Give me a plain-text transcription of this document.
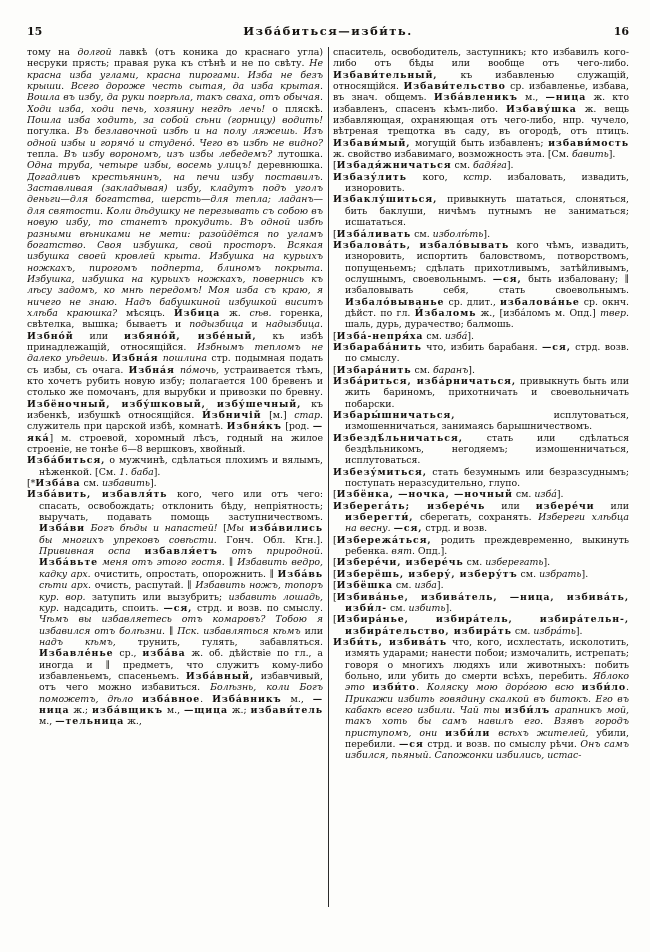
15	Изба́биться—изби́ть.	16

тому на долгой лавкѣ (отъ коника до краснаго угла) несруки прясть; правая рука къ стѣнѣ и не по свѣту. Не красна изба углами, красна пирогами. Изба не безъ крыши. Всего дороже честь сытая, да изба крытая. Вошла въ избу, да руки погрѣла, такъ сваха, отъ обычая. Ходи изба, ходи печь, хозяину негдѣ лечь! о пляскѣ. Пошла изба ходить, за собой сѣни (горницу) водить! погулка. Въ безлавочной избѣ и на полу ляжешь. Изъ одной избы и горячо́ и студено́. Чего въ избѣ не видно? тепла. Въ избу ворономъ, изъ избы лебедемъ? лутошка. Одна труба, четыре избы, восемь улицъ! деревнюшка. Догадливъ крестьянинъ, на печи избу поставилъ. Заставливая (закладывая) избу, кладутъ подъ уголъ деньги—для богатства, шерсть—для тепла; ладанъ—для святости. Коли дѣдушку не перезывать съ собою въ новую избу, то станетъ прокудить. Въ одной избѣ разными вѣниками не мети: разойдётся по угламъ богатство. Своя избушка, свой просторъ. Всякая избушка своей кровлей крыта. Избушка на курьихъ ножкахъ, пирогомъ подперта, блиномъ покрыта. Избушка, избушка на курьихъ ножкахъ, повернись къ лѣсу задомъ, ко мнѣ передомъ! Моя изба съ краю, я ничего не знаю. Надъ бабушкиной избушкой виситъ хлѣба краюшка? мѣсяцъ. И́збица ж. сѣв. горенка, свѣтелка, вышка; бываетъ и подызбица и надызбица. Избно́й или избяно́й, избе́ный, къ избѣ принадлежащій, относящійся. Избнымъ тепломъ не далеко уѣдешь. Избна́я пошлина стр. подымная подать съ избы, съ очага. Избна́я по́мочь, устраивается тѣмъ, кто хочетъ рубить новую избу; полагается 100 бревенъ и столько же помочанъ, для вырубки и привозки по бревну. Избёночный, избу́шковый, избу́шечный, къ избенкѣ, избушкѣ относящійся. И́збничій [м.] стар. служитель при царской избѣ, комнатѣ. Избня́къ [род. —яка́] м. строевой, хоромный лѣсъ, годный на жилое строеніе, не тонѣе 6—8 вершковъ, хвойный.

Изба́биться, о мужчинѣ, сдѣлаться плохимъ и вялымъ, нѣженкой. [См. 1. баба].

[*Изба́ва см. избавить].

Изба́вить, избавля́ть кого, чего или отъ чего: спасать, освобождать; отклонить бѣду, непріятность; выручать, подавать помощь заступничествомъ. Изба́ви Богъ бѣды и напастей! [Мы изба́вились бы многихъ упрековъ совѣсти. Гонч. Обл. Кгн.]. Прививная оспа избавля́етъ отъ природной. Изба́вьте меня отъ этого гостя. ∥ Избавить ведро, кадку арх. очистить, опростать, опорожнить. ∥ Изба́вь сѣти арх. очисть, распутай. ∥ Избавить ножъ, топоръ кур. вор. затупить или вызубрить; избавить лошадь, кур. надсадить, споить. —ся, стрд. и возв. по смыслу. Чѣмъ вы избавляетесь отъ комаровъ? Тобою я избавился отъ болѣзни. ∥ Пск. избавляться кѣмъ или надъ кѣмъ, трунить, гулять, забавляться. Избавле́нье ср., изба́ва ж. об. дѣйствіе по гл., а иногда и ∥ предметъ, что служитъ кому-либо избавленьемъ, спасеньемъ. Изба́вный, избавчивый, отъ чего можно избавиться. Болѣзнь, коли Богъ поможетъ, дѣло изба́вное. Изба́вникъ м., —ница ж.; изба́вщикъ м., —щица ж.; избави́тель м., —тельница ж.,

спаситель, освободитель, заступникъ; кто избавилъ кого-либо отъ бѣды или вообще отъ чего-либо. Избави́тельный, къ избавленью служащій, относящійся. Избави́тельство ср. избавленье, избава, въ знач. общемъ. Изба́вленикъ м., —ница ж. кто избавленъ, спасенъ кѣмъ-либо. Избаву́шка ж. вещь избавляющая, охраняющая отъ чего-либо, нпр. чучело, вѣтреная трещотка въ саду, въ огородѣ, отъ птицъ. Избави́мый, могущій быть избавленъ; избави́мость ж. свойство избавимаго, возможность эта. [См. бавить].

[Избадя́жничаться см. бадя́га].

Избазу́лить кого, кстр. избаловать, извадить, изноровить.

Избаклу́шиться, привыкнуть шататься, слоняться, бить баклуши, ничѣмъ путнымъ не заниматься; исшататься.

[Изба́ливать см. изболѣ́ть].

Избалова́ть, избало́вывать кого чѣмъ, извадить, изноровить, испортить баловствомъ, потворствомъ, попущеньемъ; сдѣлать прихотливымъ, затѣйливымъ, ослушнымъ, своевольнымъ. —ся, быть избаловану; ∥ избаловывать себя, стать своевольнымъ. Избало́выванье ср. длит., избалова́нье ср. окнч. дѣйст. по гл. И́збаломь ж., [изба́ломъ м. Опд.] твер. шаль, дурь, дурачество; балмошь.

[Изба́-непря́ха см. изба́].

Избараба́нить что, избить барабаня. —ся, стрд. возв. по смыслу.

[Избара́нить см. баранъ].

Изба́риться, изба́рничаться, привыкнуть быть или жить бариномъ, прихотничать и своевольничать побарски.

Избары́шничаться, исплутоваться, измошенничаться, занимаясь барышничествомъ.

Избездѣ́льничаться, стать или сдѣлаться бездѣльникомъ, негодяемъ; измошенничаться, исплутоваться.

Избезу́миться, стать безумнымъ или безразсуднымъ; поступать неразсудительно, глупо.

[Избёнка, —ночка, —ночный см. изба́].

Изберега́ть; избере́чь или избере́чи или изберегти́, сберегать, сохранять. Избереги хлѣбца на весну. —ся, стрд. и возв.

[Избережа́ться, родить преждевременно, выкинуть ребенка. вят. Опд.].

[Избере́чи, избере́чь см. изберегать].

[Изберёшь, изберу́, изберу́тъ см. избрать].

[Избёшка см. изба].

[Избива́нье, избива́тель, —ница, избива́ть, изби́л- см. избить].

[Избира́нье, избира́тель, избира́тельн-, избира́тельство, избира́ть см. избра́ть].

Изби́ть, избива́ть что, кого, исхлестать, исколотить, измять ударами; нанести побои; измочалить, истрепать; говоря о многихъ людяхъ или животныхъ: побить больно, или убить до смерти всѣхъ, перебить. Яблоко это изби́то. Коляску мою доро́гою всю изби́ло. Прикажи избить говядину скалкой въ битокъ. Его въ кабакѣ всего избили. Чай ты изби́лъ арапникъ мой, такъ хоть бы самъ навилъ его. Взявъ городъ приступомъ, они изби́ли всѣхъ жителей, убили, перебили. —ся стрд. и возв. по смыслу рѣчи. Онъ самъ избился, пьяный. Сапожонки избились, истас-
